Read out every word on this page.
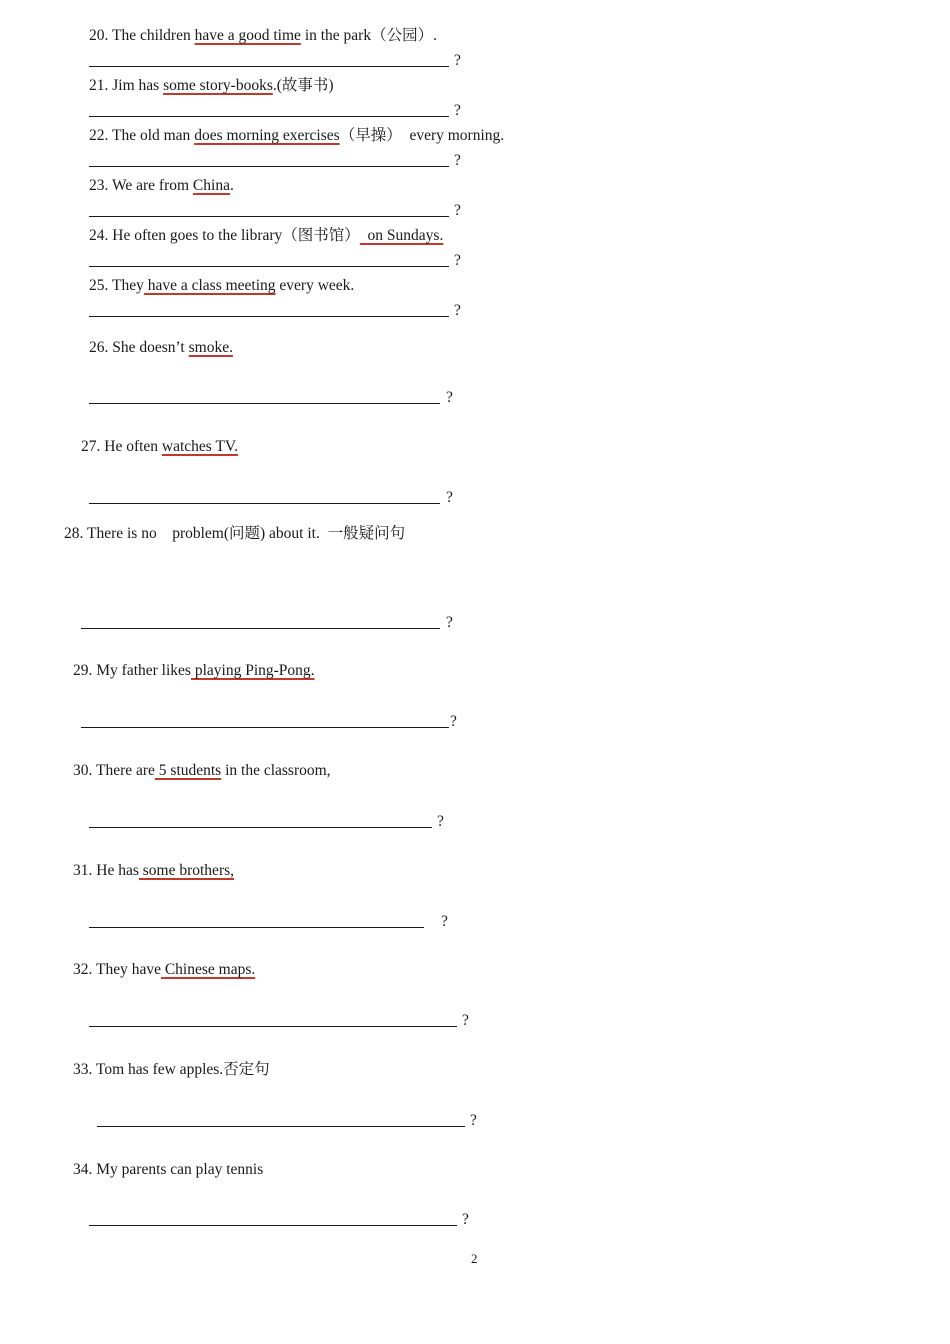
20. The children have a good time in the park（公园）.
?
21. Jim has some story-books.(故事书)
?
22. The old man does morning exercises（早操）  every morning.
?
23. We are from China.
?
24. He often goes to the library（图书馆）  on Sundays.
?
25. They have a class meeting every week.
?
26. She doesn’t smoke.
?
27. He often watches TV.
?
28. There is no    problem(问题) about it.  一般疑问句
?
29. My father likes playing Ping-Pong.
?
30. There are 5 students in the classroom,
?
31. He has some brothers,
?
32. They have Chinese maps.
?
33. Tom has few apples.否定句
?
34. My parents can play tennis
?
2
